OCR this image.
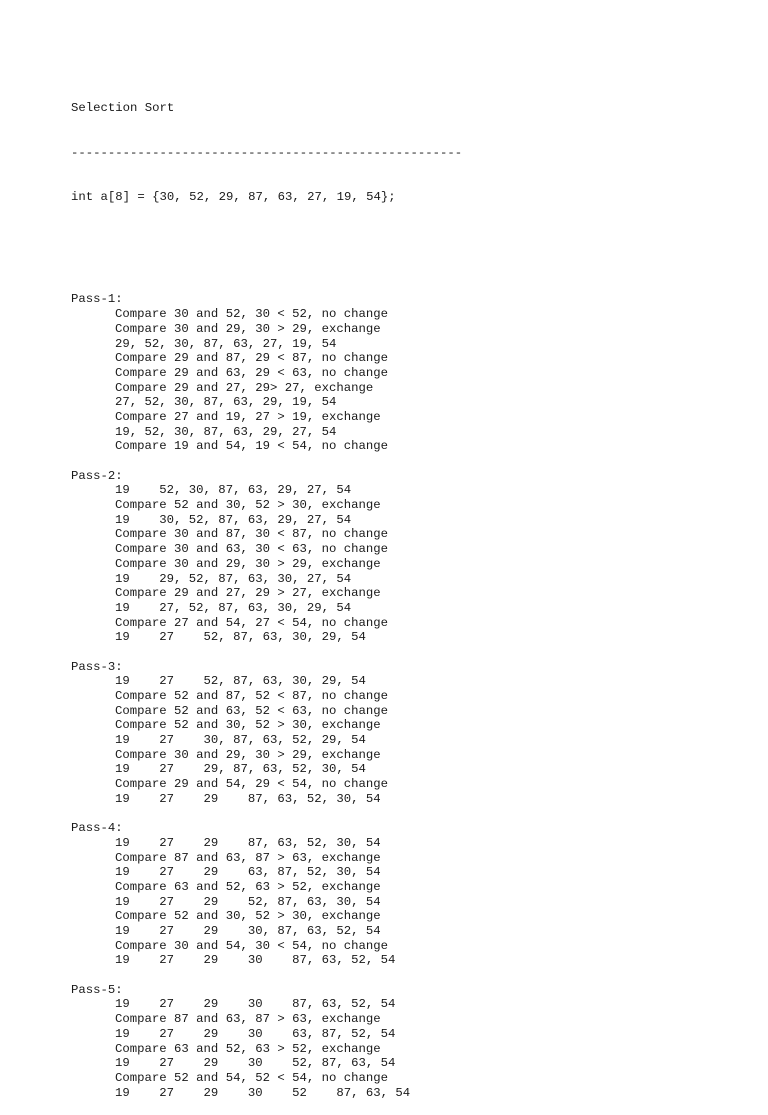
Selection Sort

-----------------------------------------------------

int a[8] = {30, 52, 29, 87, 63, 27, 19, 54};

Pass-1:
Compare 30 and 52, 30 < 52, no change
Compare 30 and 29, 30 > 29, exchange
29, 52, 30, 87, 63, 27, 19, 54
Compare 29 and 87, 29 < 87, no change
Compare 29 and 63, 29 < 63, no change
Compare 29 and 27, 29> 27, exchange
27, 52, 30, 87, 63, 29, 19, 54
Compare 27 and 19, 27 > 19, exchange
19, 52, 30, 87, 63, 29, 27, 54
Compare 19 and 54, 19 < 54, no change
Pass-2:
19    52, 30, 87, 63, 29, 27, 54
Compare 52 and 30, 52 > 30, exchange
19    30, 52, 87, 63, 29, 27, 54
Compare 30 and 87, 30 < 87, no change
Compare 30 and 63, 30 < 63, no change
Compare 30 and 29, 30 > 29, exchange
19    29, 52, 87, 63, 30, 27, 54
Compare 29 and 27, 29 > 27, exchange
19    27, 52, 87, 63, 30, 29, 54
Compare 27 and 54, 27 < 54, no change
19    27    52, 87, 63, 30, 29, 54
Pass-3:
19    27    52, 87, 63, 30, 29, 54
Compare 52 and 87, 52 < 87, no change
Compare 52 and 63, 52 < 63, no change
Compare 52 and 30, 52 > 30, exchange
19    27    30, 87, 63, 52, 29, 54
Compare 30 and 29, 30 > 29, exchange
19    27    29, 87, 63, 52, 30, 54
Compare 29 and 54, 29 < 54, no change
19    27    29    87, 63, 52, 30, 54
Pass-4:
19    27    29    87, 63, 52, 30, 54
Compare 87 and 63, 87 > 63, exchange
19    27    29    63, 87, 52, 30, 54
Compare 63 and 52, 63 > 52, exchange
19    27    29    52, 87, 63, 30, 54
Compare 52 and 30, 52 > 30, exchange
19    27    29    30, 87, 63, 52, 54
Compare 30 and 54, 30 < 54, no change
19    27    29    30    87, 63, 52, 54
Pass-5:
19    27    29    30    87, 63, 52, 54
Compare 87 and 63, 87 > 63, exchange
19    27    29    30    63, 87, 52, 54
Compare 63 and 52, 63 > 52, exchange
19    27    29    30    52, 87, 63, 54
Compare 52 and 54, 52 < 54, no change
19    27    29    30    52    87, 63, 54
